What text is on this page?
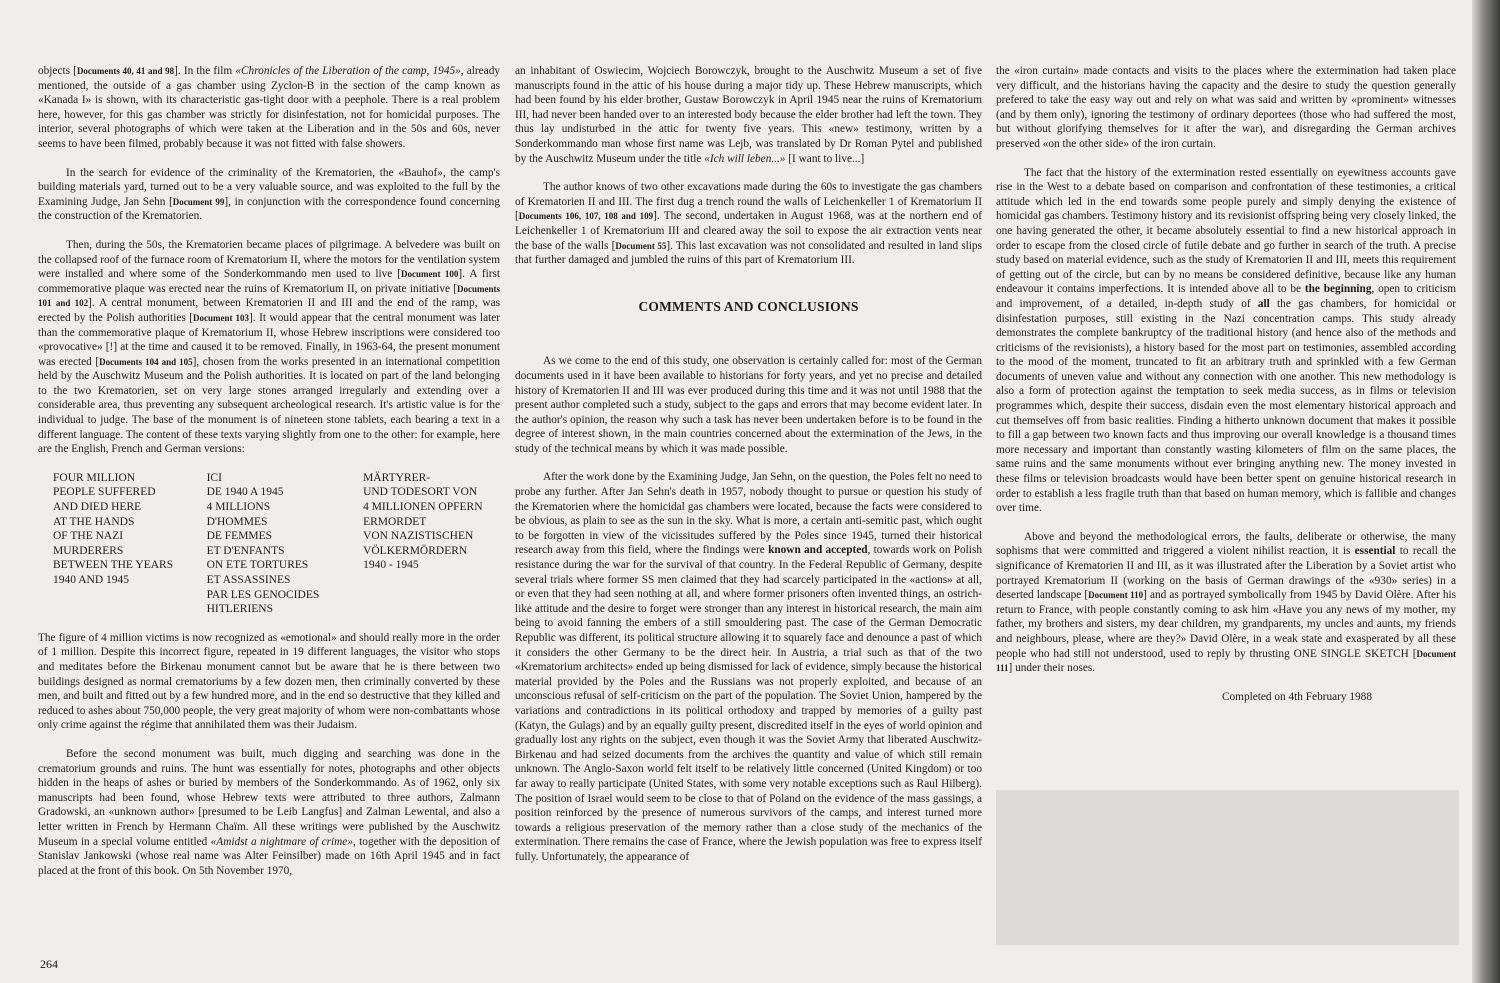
objects [Documents 40, 41 and 98]. In the film «Chronicles of the Liberation of the camp, 1945», already mentioned, the outside of a gas chamber using Zyclon-B in the section of the camp known as «Kanada I» is shown, with its characteristic gas-tight door with a peephole. There is a real problem here, however, for this gas chamber was strictly for disinfestation, not for homicidal purposes. The interior, several photographs of which were taken at the Liberation and in the 50s and 60s, never seems to have been filmed, probably because it was not fitted with false showers.

In the search for evidence of the criminality of the Krematorien, the «Bauhof», the camp's building materials yard, turned out to be a very valuable source, and was exploited to the full by the Examining Judge, Jan Sehn [Document 99], in conjunction with the correspondence found concerning the construction of the Krematorien.

Then, during the 50s, the Krematorien became places of pilgrimage. A belvedere was built on the collapsed roof of the furnace room of Krematorium II, where the motors for the ventilation system were installed and where some of the Sonderkommando men used to live [Document 100]. A first commemorative plaque was erected near the ruins of Krematorium II, on private initiative [Documents 101 and 102]. A central monument, between Krematorien II and III and the end of the ramp, was erected by the Polish authorities [Document 103]. It would appear that the central monument was later than the commemorative plaque of Krematorium II, whose Hebrew inscriptions were considered too «provocative» [!] at the time and caused it to be removed. Finally, in 1963-64, the present monument was erected [Documents 104 and 105], chosen from the works presented in an international competition held by the Auschwitz Museum and the Polish authorities. It is located on part of the land belonging to the two Krematorien, set on very large stones arranged irregularly and extending over a considerable area, thus preventing any subsequent archeological research. It's artistic value is for the individual to judge. The base of the monument is of nineteen stone tablets, each bearing a text in a different language. The content of these texts varying slightly from one to the other: for example, here are the English, French and German versions:

FOUR MILLION
PEOPLE SUFFERED
AND DIED HERE
AT THE HANDS
OF THE NAZI
MURDERERS
BETWEEN THE YEARS
1940 AND 1945
ICI
DE 1940 A 1945
4 MILLIONS
D'HOMMES
DE FEMMES
ET D'ENFANTS
ON ETE TORTURES
ET ASSASSINES
PAR LES GENOCIDES
HITLERIENS
MÄRTYRER-
UND TODESORT VON
4 MILLIONEN OPFERN
ERMORDET
VON NAZISTISCHEN
VÖLKERMÖRDERN
1940 - 1945

The figure of 4 million victims is now recognized as «emotional» and should really more in the order of 1 million. Despite this incorrect figure, repeated in 19 different languages, the visitor who stops and meditates before the Birkenau monument cannot but be aware that he is there between two buildings designed as normal crematoriums by a few dozen men, then criminally converted by these men, and built and fitted out by a few hundred more, and in the end so destructive that they killed and reduced to ashes about 750,000 people, the very great majority of whom were non-combattants whose only crime against the régime that annihilated them was their Judaism.

Before the second monument was built, much digging and searching was done in the crematorium grounds and ruins. The hunt was essentially for notes, photographs and other objects hidden in the heaps of ashes or buried by members of the Sonderkommando. As of 1962, only six manuscripts had been found, whose Hebrew texts were attributed to three authors, Zalmann Gradowski, an «unknown author» [presumed to be Leib Langfus] and Zalman Lewental, and also a letter written in French by Hermann Chaïm. All these writings were published by the Auschwitz Museum in a special volume entitled «Amidst a nightmare of crime», together with the deposition of Stanislav Jankowski (whose real name was Alter Feinsilber) made on 16th April 1945 and in fact placed at the front of this book. On 5th November 1970,

an inhabitant of Oswiecim, Wojciech Borowczyk, brought to the Auschwitz Museum a set of five manuscripts found in the attic of his house during a major tidy up. These Hebrew manuscripts, which had been found by his elder brother, Gustaw Borowczyk in April 1945 near the ruins of Krematorium III, had never been handed over to an interested body because the elder brother had left the town. They thus lay undisturbed in the attic for twenty five years. This «new» testimony, written by a Sonderkommando man whose first name was Lejb, was translated by Dr Roman Pytel and published by the Auschwitz Museum under the title «Ich will leben...» [I want to live...]

The author knows of two other excavations made during the 60s to investigate the gas chambers of Krematorien II and III. The first dug a trench round the walls of Leichenkeller 1 of Krematorium II [Documents 106, 107, 108 and 109]. The second, undertaken in August 1968, was at the northern end of Leichenkeller 1 of Krematorium III and cleared away the soil to expose the air extraction vents near the base of the walls [Document 55]. This last excavation was not consolidated and resulted in land slips that further damaged and jumbled the ruins of this part of Krematorium III.

COMMENTS AND CONCLUSIONS

As we come to the end of this study, one observation is certainly called for: most of the German documents used in it have been available to historians for forty years, and yet no precise and detailed history of Krematorien II and III was ever produced during this time and it was not until 1988 that the present author completed such a study, subject to the gaps and errors that may become evident later. In the author's opinion, the reason why such a task has never been undertaken before is to be found in the degree of interest shown, in the main countries concerned about the extermination of the Jews, in the study of the technical means by which it was made possible.

After the work done by the Examining Judge, Jan Sehn, on the question, the Poles felt no need to probe any further. After Jan Sehn's death in 1957, nobody thought to pursue or question his study of the Krematorien where the homicidal gas chambers were located, because the facts were considered to be obvious, as plain to see as the sun in the sky. What is more, a certain anti-semitic past, which ought to be forgotten in view of the vicissitudes suffered by the Poles since 1945, turned their historical research away from this field, where the findings were known and accepted, towards work on Polish resistance during the war for the survival of that country. In the Federal Republic of Germany, despite several trials where former SS men claimed that they had scarcely participated in the «actions» at all, or even that they had seen nothing at all, and where former prisoners often invented things, an ostrich-like attitude and the desire to forget were stronger than any interest in historical research, the main aim being to avoid fanning the embers of a still smouldering past. The case of the German Democratic Republic was different, its political structure allowing it to squarely face and denounce a past of which it considers the other Germany to be the direct heir. In Austria, a trial such as that of the two «Krematorium architects» ended up being dismissed for lack of evidence, simply because the historical material provided by the Poles and the Russians was not properly exploited, and because of an unconscious refusal of self-criticism on the part of the population. The Soviet Union, hampered by the variations and contradictions in its political orthodoxy and trapped by memories of a guilty past (Katyn, the Gulags) and by an equally guilty present, discredited itself in the eyes of world opinion and gradually lost any rights on the subject, even though it was the Soviet Army that liberated Auschwitz-Birkenau and had seized documents from the archives the quantity and value of which still remain unknown. The Anglo-Saxon world felt itself to be relatively little concerned (United Kingdom) or too far away to really participate (United States, with some very notable exceptions such as Raul Hilberg). The position of Israel would seem to be close to that of Poland on the evidence of the mass gassings, a position reinforced by the presence of numerous survivors of the camps, and interest turned more towards a religious preservation of the memory rather than a close study of the mechanics of the extermination. There remains the case of France, where the Jewish population was free to express itself fully. Unfortunately, the appearance of

the «iron curtain» made contacts and visits to the places where the extermination had taken place very difficult, and the historians having the capacity and the desire to study the question generally prefered to take the easy way out and rely on what was said and written by «prominent» witnesses (and by them only), ignoring the testimony of ordinary deportees (those who had suffered the most, but without glorifying themselves for it after the war), and disregarding the German archives preserved «on the other side» of the iron curtain.

The fact that the history of the extermination rested essentially on eyewitness accounts gave rise in the West to a debate based on comparison and confrontation of these testimonies, a critical attitude which led in the end towards some people purely and simply denying the existence of homicidal gas chambers. Testimony history and its revisionist offspring being very closely linked, the one having generated the other, it became absolutely essential to find a new historical approach in order to escape from the closed circle of futile debate and go further in search of the truth. A precise study based on material evidence, such as the study of Krematorien II and III, meets this requirement of getting out of the circle, but can by no means be considered definitive, because like any human endeavour it contains imperfections. It is intended above all to be the beginning, open to criticism and improvement, of a detailed, in-depth study of all the gas chambers, for homicidal or disinfestation purposes, still existing in the Nazi concentration camps. This study already demonstrates the complete bankruptcy of the traditional history (and hence also of the methods and criticisms of the revisionists), a history based for the most part on testimonies, assembled according to the mood of the moment, truncated to fit an arbitrary truth and sprinkled with a few German documents of uneven value and without any connection with one another. This new methodology is also a form of protection against the temptation to seek media success, as in films or television programmes which, despite their success, disdain even the most elementary historical approach and cut themselves off from basic realities. Finding a hitherto unknown document that makes it possible to fill a gap between two known facts and thus improving our overall knowledge is a thousand times more necessary and important than constantly wasting kilometers of film on the same places, the same ruins and the same monuments without ever bringing anything new. The money invested in these films or television broadcasts would have been better spent on genuine historical research in order to establish a less fragile truth than that based on human memory, which is fallible and changes over time.

Above and beyond the methodological errors, the faults, deliberate or otherwise, the many sophisms that were committed and triggered a violent nihilist reaction, it is essential to recall the significance of Krematorien II and III, as it was illustrated after the Liberation by a Soviet artist who portrayed Krematorium II (working on the basis of German drawings of the «930» series) in a deserted landscape [Document 110] and as portrayed symbolically from 1945 by David Olère. After his return to France, with people constantly coming to ask him «Have you any news of my mother, my father, my brothers and sisters, my dear children, my grandparents, my uncles and aunts, my friends and neighbours, please, where are they?» David Olère, in a weak state and exasperated by all these people who had still not understood, used to reply by thrusting ONE SINGLE SKETCH [Document 111] under their noses.

Completed on 4th February 1988

264
